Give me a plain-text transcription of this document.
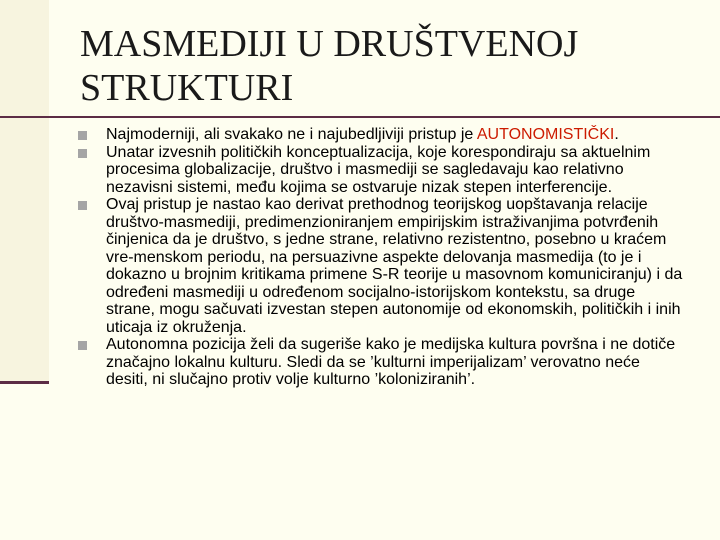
MASMEDIJI U DRUŠTVENOJ STRUKTURI

Najmoderniji, ali svakako ne i najubedljiviji pristup je AUTONOMISTIČKI.

Unatar izvesnih političkih konceptualizacija, koje korespondiraju sa aktuelnim procesima globalizacije, društvo i masmediji se sagledavaju kao relativno nezavisni sistemi, među kojima se ostvaruje nizak stepen interferencije.

Ovaj pristup je nastao kao derivat prethodnog teorijskog uopštavanja relacije društvo-masmediji, predimenzioniranjem empirijskim istraživanjima potvrđenih činjenica da je društvo, s jedne strane, relativno rezistentno, posebno u kraćem vre-menskom periodu, na persuazivne aspekte delovanja masmedija (to je i dokazno u brojnim kritikama primene S-R teorije u masovnom komuniciranju) i da određeni masmediji u određenom socijalno-istorijskom kontekstu, sa druge strane, mogu sačuvati izvestan stepen autonomije od ekonomskih, političkih i inih uticaja iz okruženja.

Autonomna pozicija želi da sugeriše kako je medijska kultura površna i ne dotiče značajno lokalnu kulturu. Sledi da se ’kulturni imperijalizam’ verovatno neće desiti, ni slučajno protiv volje kulturno ’koloniziranih’.
